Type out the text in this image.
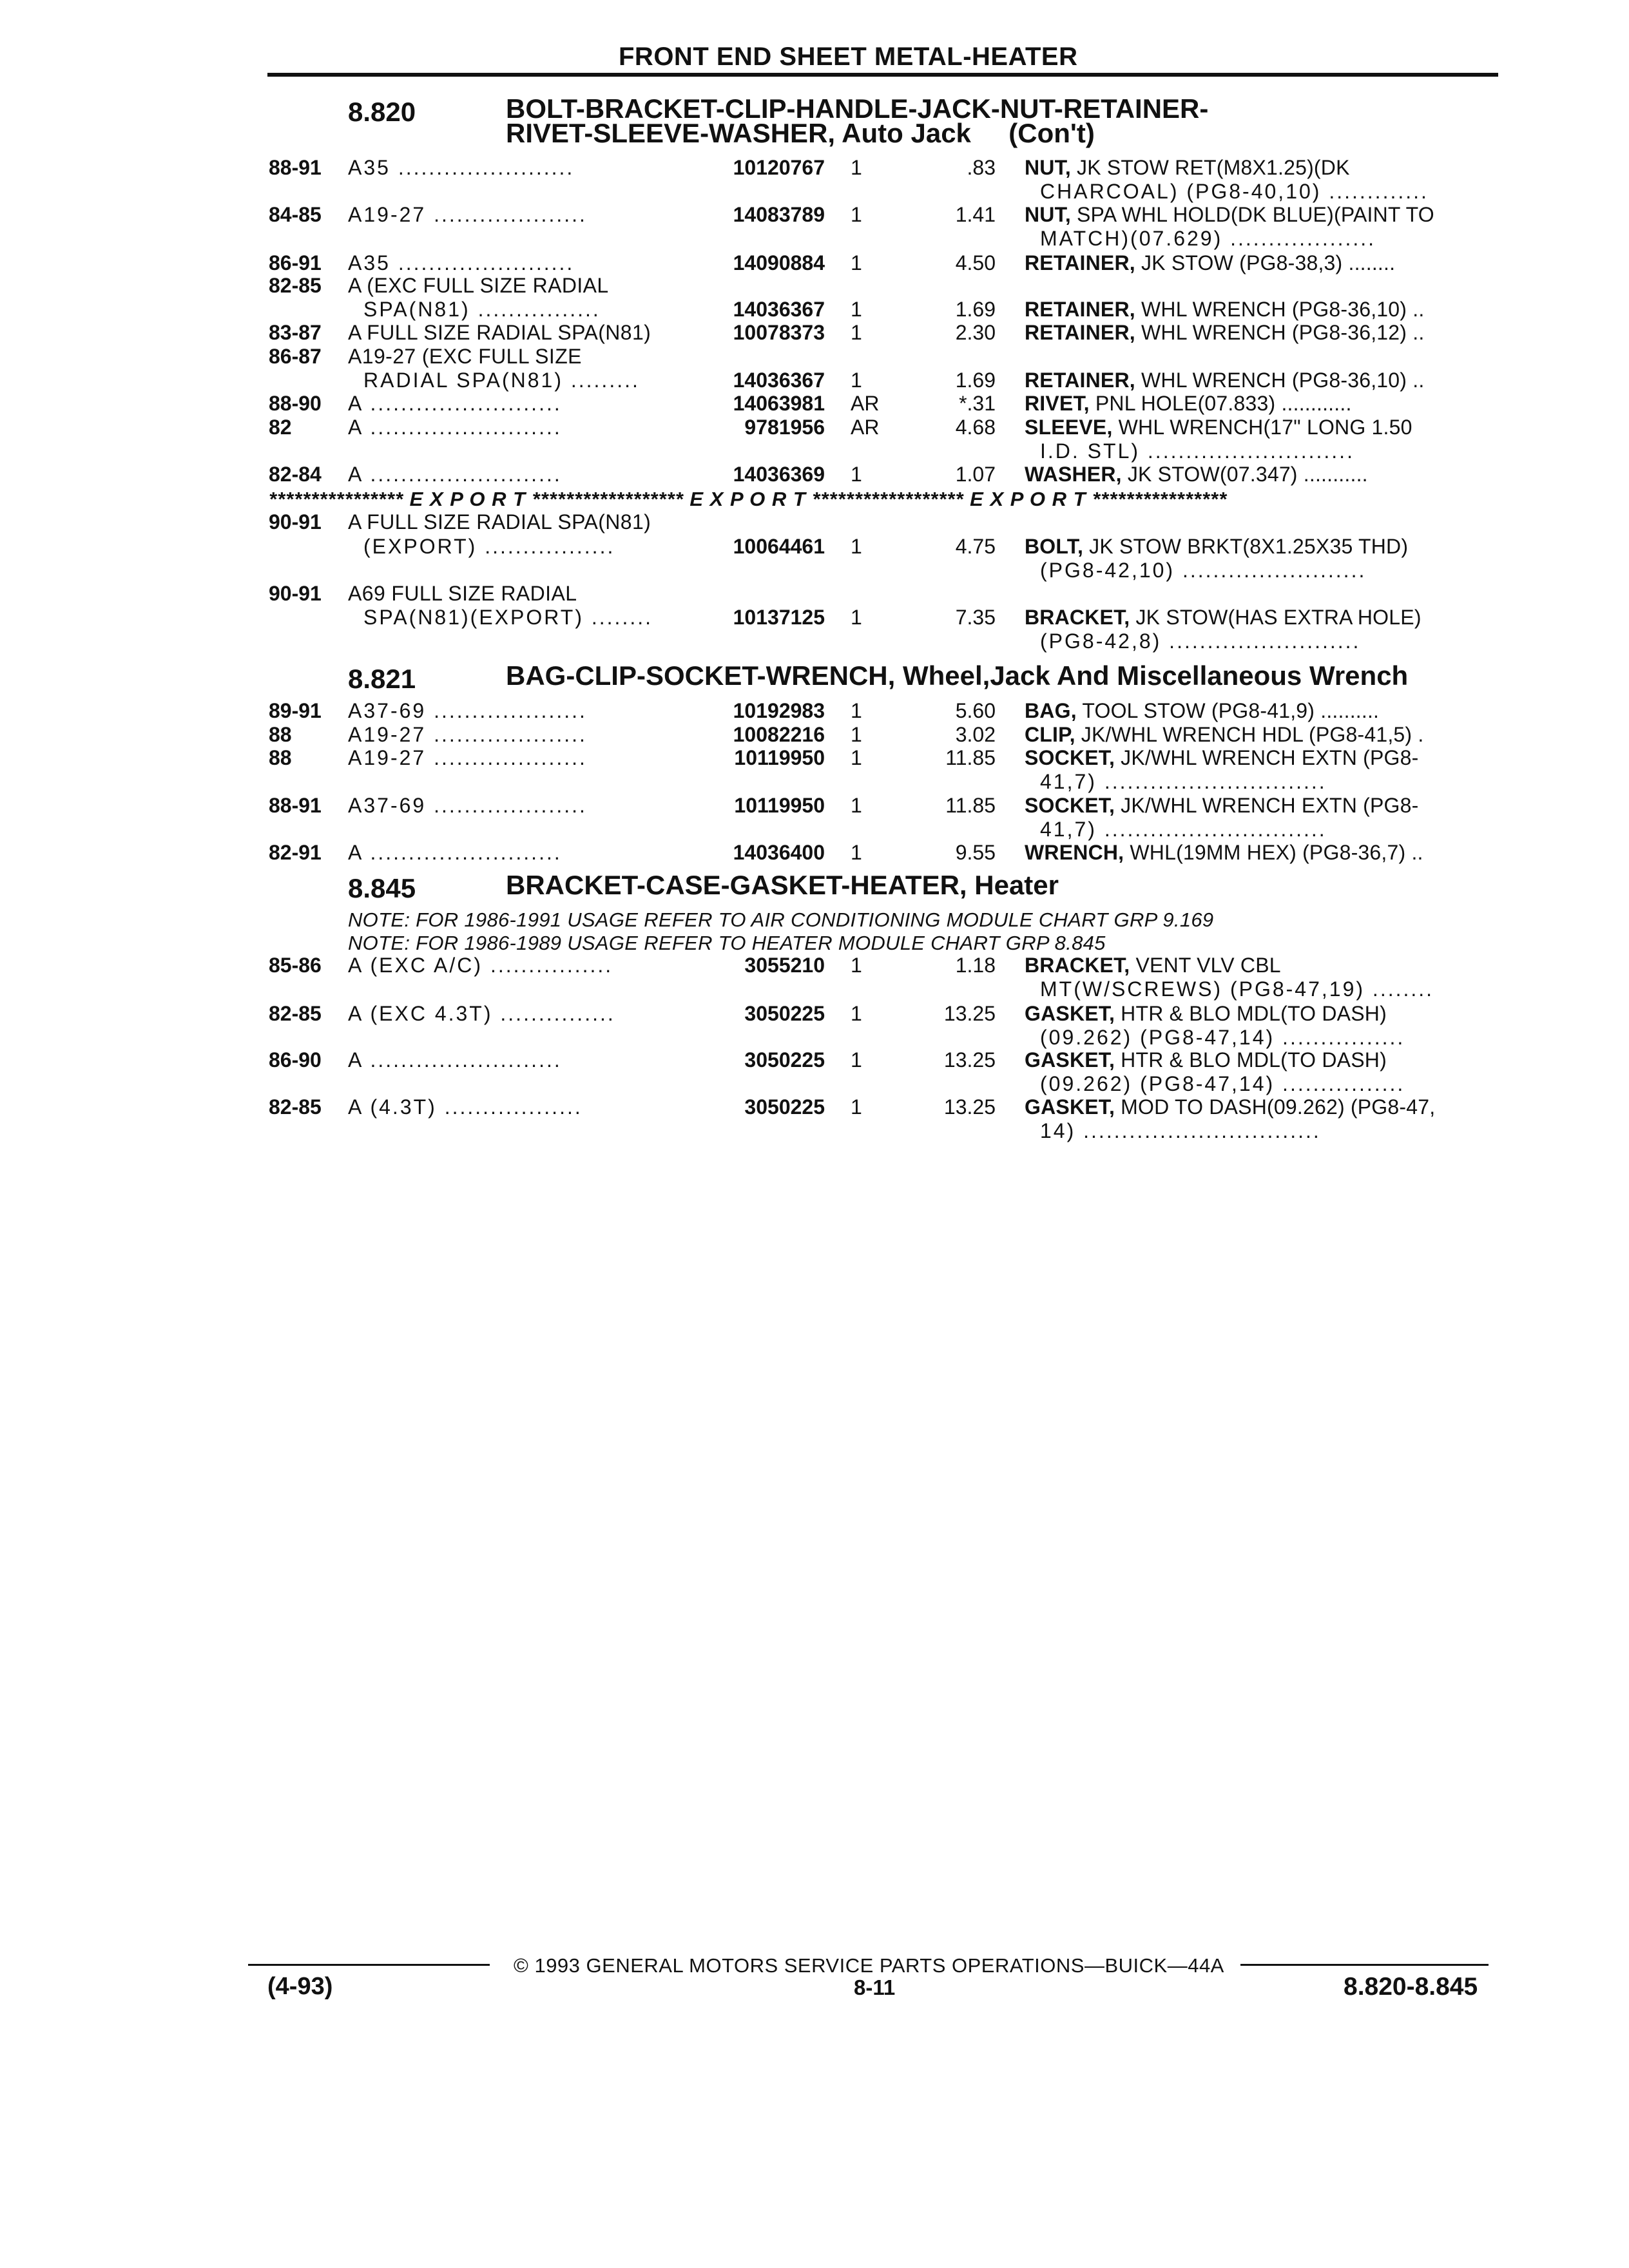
FRONT END SHEET METAL-HEATER
8.820	BOLT-BRACKET-CLIP-HANDLE-JACK-NUT-RETAINER-
RIVET-SLEEVE-WASHER, Auto Jack     (Con't)
88-91 A35 .......................	10120767 1	.83 NUT, JK STOW RET(M8X1.25)(DK
CHARCOAL) (PG8-40,10) .............
84-85 A19-27 ....................	14083789 1	1.41 NUT, SPA WHL HOLD(DK BLUE)(PAINT TO
MATCH)(07.629) ...................
86-91 A35 .......................	14090884 1	4.50 RETAINER, JK STOW (PG8-38,3) ........
82-85 A (EXC FULL SIZE RADIAL
SPA(N81) ................	14036367 1	1.69 RETAINER, WHL WRENCH (PG8-36,10) ..
83-87 A FULL SIZE RADIAL SPA(N81)	10078373 1	2.30 RETAINER, WHL WRENCH (PG8-36,12) ..
86-87 A19-27 (EXC FULL SIZE
RADIAL SPA(N81) .........	14036367 1	1.69 RETAINER, WHL WRENCH (PG8-36,10) ..
88-90 A .........................	14063981 AR	*.31 RIVET, PNL HOLE(07.833) ............
82	A .........................	9781956 AR	4.68 SLEEVE, WHL WRENCH(17" LONG 1.50
I.D. STL) ...........................
82-84 A .........................	14036369 1	1.07 WASHER, JK STOW(07.347) ...........
**************** E X P O R T ****************** E X P O R T ****************** E X P O R T ****************
90-91 A FULL SIZE RADIAL SPA(N81)
(EXPORT) .................	10064461 1	4.75 BOLT, JK STOW BRKT(8X1.25X35 THD)
(PG8-42,10) ........................
90-91 A69 FULL SIZE RADIAL
SPA(N81)(EXPORT) ........	10137125 1	7.35 BRACKET, JK STOW(HAS EXTRA HOLE)
(PG8-42,8) .........................
8.821	BAG-CLIP-SOCKET-WRENCH, Wheel,Jack And Miscellaneous Wrench
89-91 A37-69 ....................	10192983 1	5.60 BAG, TOOL STOW (PG8-41,9) ..........
88	A19-27 ....................	10082216 1	3.02 CLIP, JK/WHL WRENCH HDL (PG8-41,5) .
88	A19-27 ....................	10119950 1	11.85 SOCKET, JK/WHL WRENCH EXTN (PG8-
41,7) .............................
88-91 A37-69 ....................	10119950 1	11.85 SOCKET, JK/WHL WRENCH EXTN (PG8-
41,7) .............................
82-91 A .........................	14036400 1	9.55 WRENCH, WHL(19MM HEX) (PG8-36,7) ..
8.845	BRACKET-CASE-GASKET-HEATER, Heater
NOTE: FOR 1986-1991 USAGE REFER TO AIR CONDITIONING MODULE CHART GRP 9.169
NOTE: FOR 1986-1989 USAGE REFER TO HEATER MODULE CHART GRP 8.845
85-86 A (EXC A/C) ................	3055210 1	1.18 BRACKET, VENT VLV CBL
MT(W/SCREWS) (PG8-47,19) ........
82-85 A (EXC 4.3T) ...............	3050225 1	13.25 GASKET, HTR & BLO MDL(TO DASH)
(09.262) (PG8-47,14) ................
86-90 A .........................	3050225 1	13.25 GASKET, HTR & BLO MDL(TO DASH)
(09.262) (PG8-47,14) ................
82-85 A (4.3T) ..................	3050225 1	13.25 GASKET, MOD TO DASH(09.262) (PG8-47,
14) ...............................
© 1993 GENERAL MOTORS SERVICE PARTS OPERATIONS—BUICK—44A
(4-93)	8-11	8.820-8.845
